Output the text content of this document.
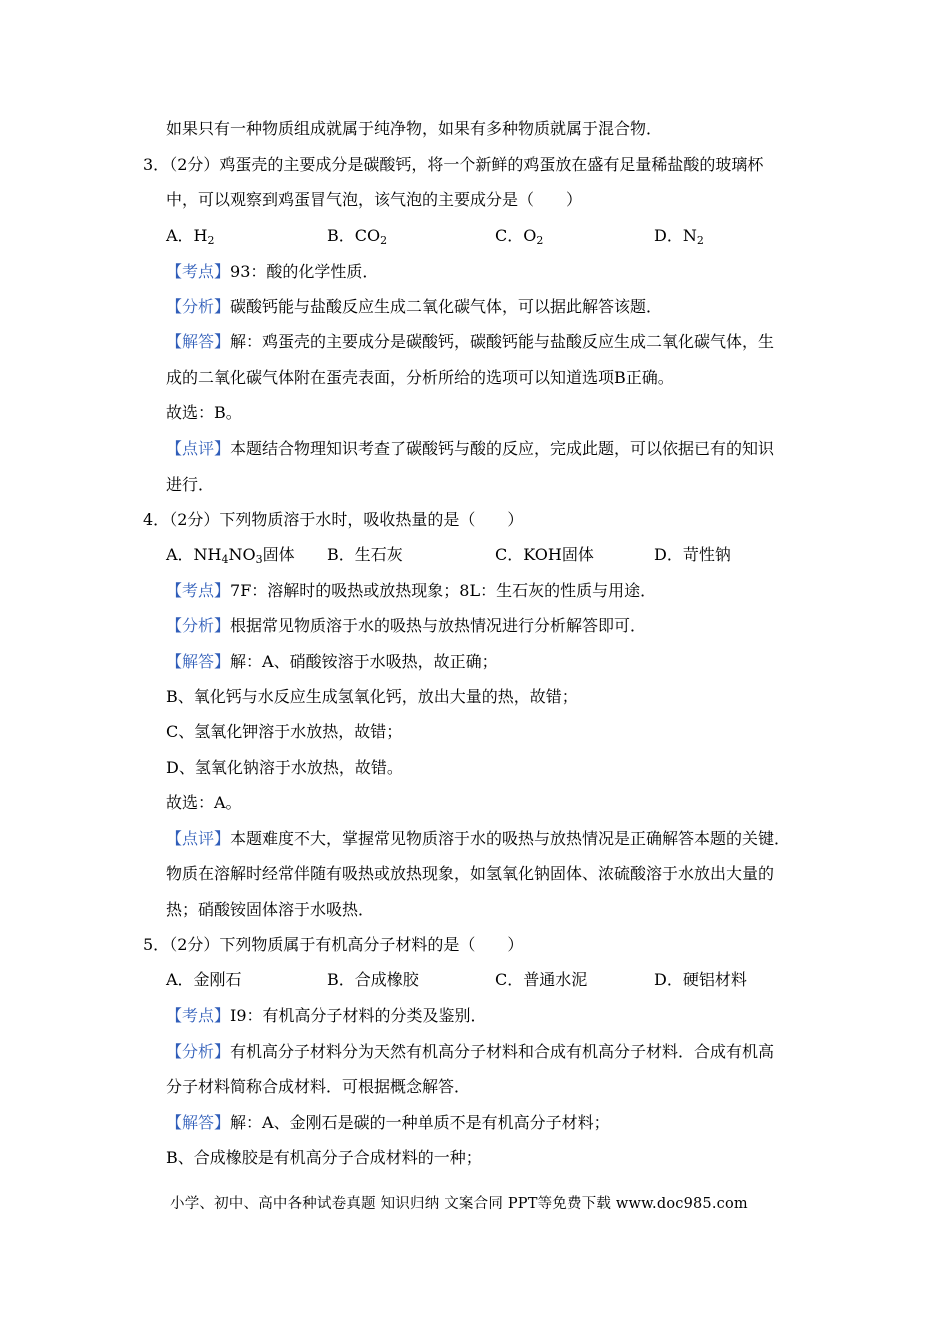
如果只有一种物质组成就属于纯净物，如果有多种物质就属于混合物．
3．（2分）鸡蛋壳的主要成分是碳酸钙，将一个新鲜的鸡蛋放在盛有足量稀盐酸的玻璃杯
中，可以观察到鸡蛋冒气泡，该气泡的主要成分是（　　）
A．$H_2$	B．$CO_2$	C．$O_2$	D．$N_2$
【考点】93：酸的化学性质．
【分析】碳酸钙能与盐酸反应生成二氧化碳气体，可以据此解答该题．
【解答】解：鸡蛋壳的主要成分是碳酸钙，碳酸钙能与盐酸反应生成二氧化碳气体，生
成的二氧化碳气体附在蛋壳表面，分析所给的选项可以知道选项B正确。
故选：B。
【点评】本题结合物理知识考查了碳酸钙与酸的反应，完成此题，可以依据已有的知识
进行．
4．（2分）下列物质溶于水时，吸收热量的是（　　）
A．$NH_4NO_3$固体 B．生石灰	C．KOH固体	D．苛性钠
【考点】7F：溶解时的吸热或放热现象；8L：生石灰的性质与用途．
【分析】根据常见物质溶于水的吸热与放热情况进行分析解答即可．
【解答】解：A、硝酸铵溶于水吸热，故正确；
B、氧化钙与水反应生成氢氧化钙，放出大量的热，故错；
C、氢氧化钾溶于水放热，故错；
D、氢氧化钠溶于水放热，故错。
故选：A。
【点评】本题难度不大，掌握常见物质溶于水的吸热与放热情况是正确解答本题的关键．
物质在溶解时经常伴随有吸热或放热现象，如氢氧化钠固体、浓硫酸溶于水放出大量的
热；硝酸铵固体溶于水吸热．
5．（2分）下列物质属于有机高分子材料的是（　　）
A．金刚石	B．合成橡胶	C．普通水泥	D．硬铝材料
【考点】I9：有机高分子材料的分类及鉴别．
【分析】有机高分子材料分为天然有机高分子材料和合成有机高分子材料．合成有机高
分子材料简称合成材料．可根据概念解答．
【解答】解：A、金刚石是碳的一种单质不是有机高分子材料；
B、合成橡胶是有机高分子合成材料的一种；
小学、初中、高中各种试卷真题 知识归纳 文案合同 PPT等免费下载 www.doc985.com
